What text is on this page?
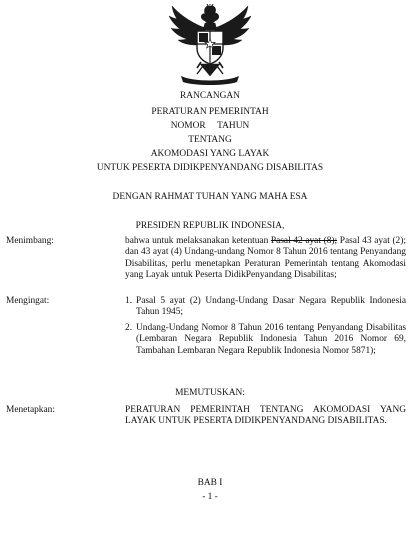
RANCANGAN
PERATURAN PEMERINTAH
NOMOR     TAHUN
TENTANG
AKOMODASI YANG LAYAK
UNTUK PESERTA DIDIKPENYANDANG DISABILITAS
DENGAN RAHMAT TUHAN YANG MAHA ESA
PRESIDEN REPUBLIK INDONESIA,
Menimbang:	bahwa untuk melaksanakan ketentuan Pasal 42 ayat (8); Pasal 43 ayat (2); dan 43 ayat (4) Undang-undang Nomor 8 Tahun 2016 tentang Penyandang Disabilitas, perlu menetapkan Peraturan Pemerintah tentang Akomodasi yang Layak untuk Peserta DidikPenyandang Disabilitas;
Mengingat:	1. Pasal 5 ayat (2) Undang-Undang Dasar Negara Republik Indonesia Tahun 1945;
2. Undang-Undang Nomor 8 Tahun 2016 tentang Penyandang Disabilitas (Lembaran Negara Republik Indonesia Tahun 2016 Nomor 69, Tambahan Lembaran Negara Republik Indonesia Nomor 5871);
MEMUTUSKAN:
Menetapkan:	PERATURAN PEMERINTAH TENTANG AKOMODASI YANG LAYAK UNTUK PESERTA DIDIKPENYANDANG DISABILITAS.
BAB I
- 1 -
